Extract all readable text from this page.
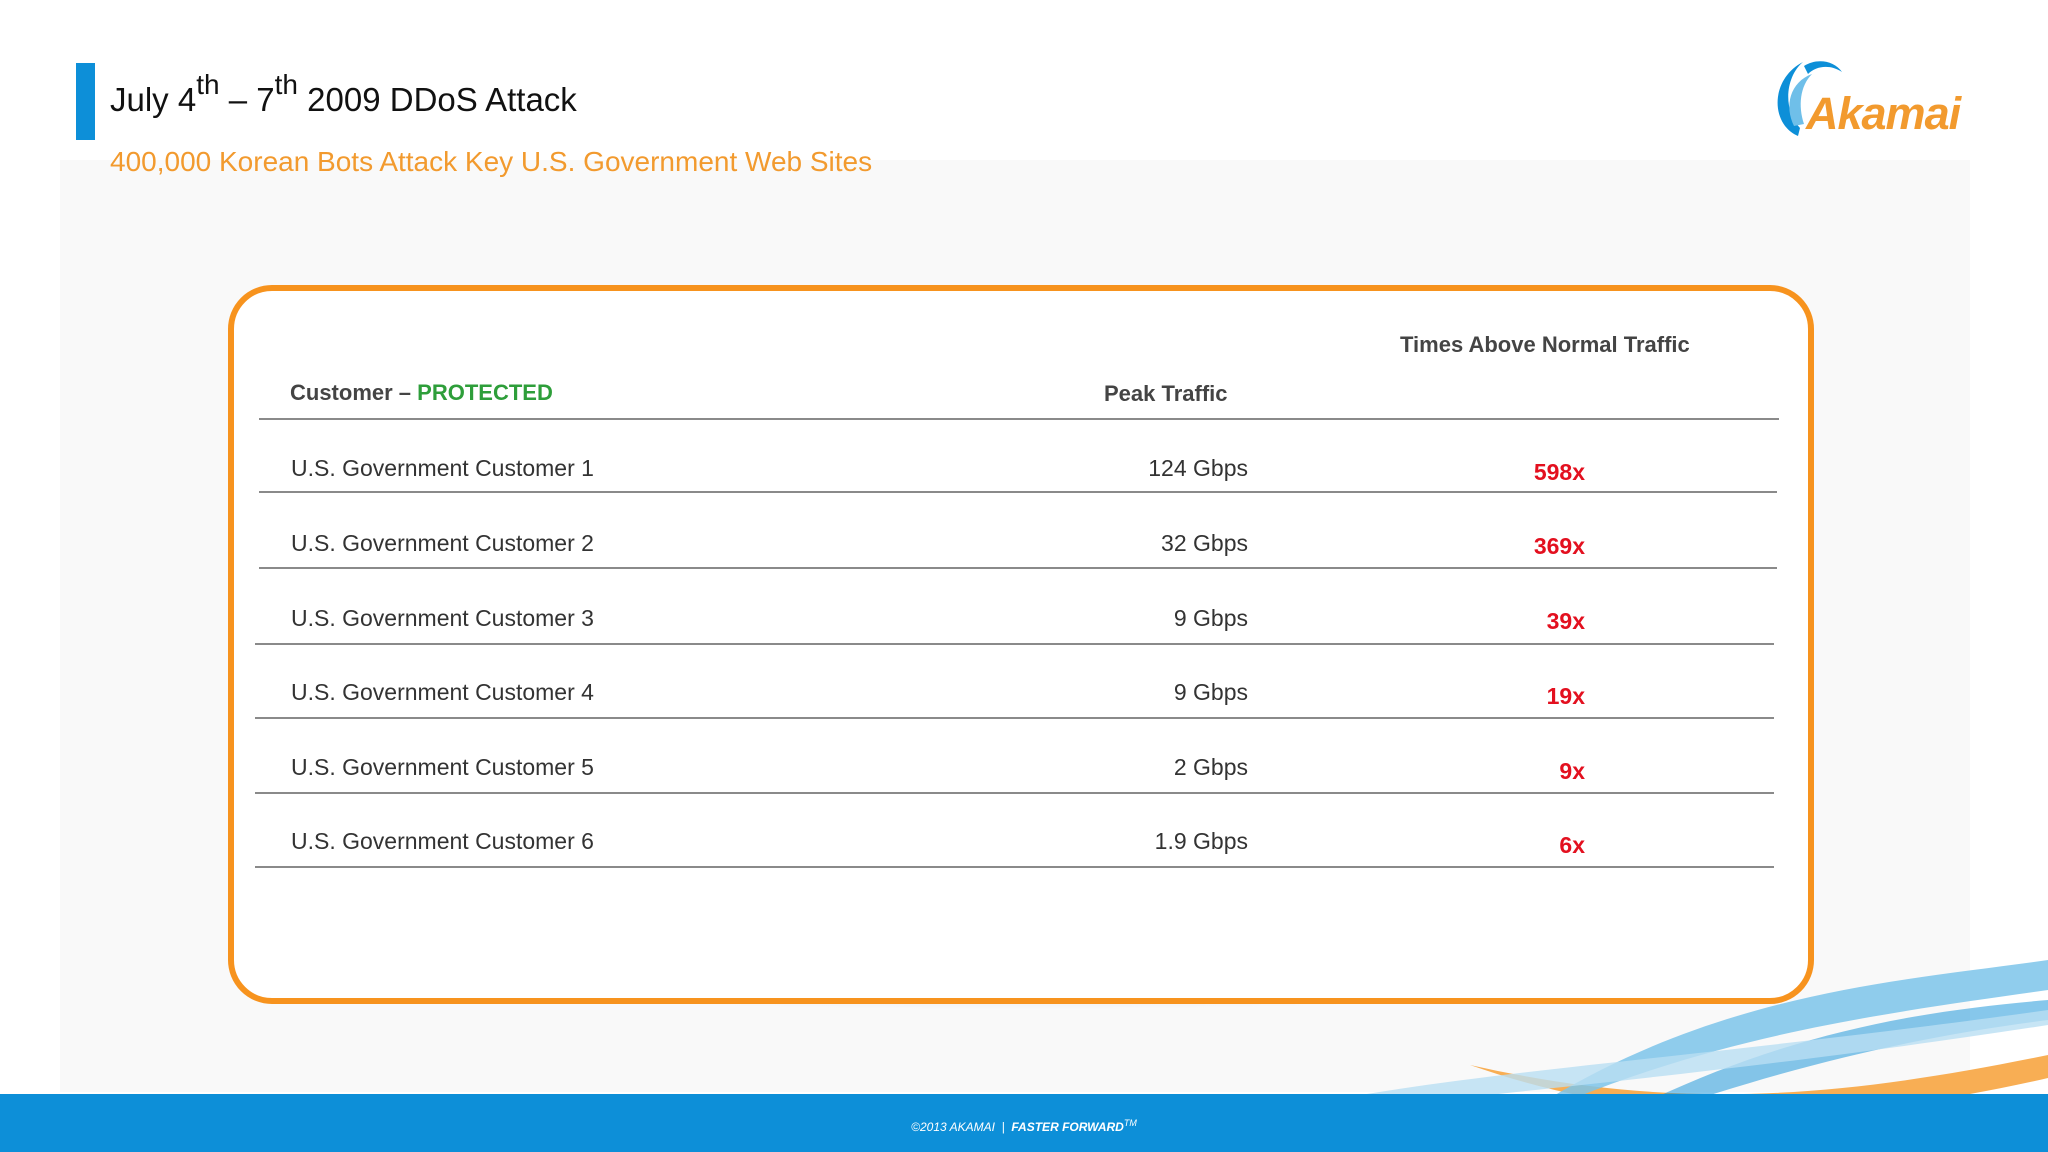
July 4th – 7th 2009 DDoS Attack
400,000 Korean Bots Attack Key U.S. Government Web Sites
Akamai
Times Above Normal Traffic
Customer – PROTECTED	Peak Traffic
U.S. Government Customer 1	124 Gbps	598x
U.S. Government Customer 2	32 Gbps	369x
U.S. Government Customer 3	9 Gbps	39x
U.S. Government Customer 4	9 Gbps	19x
U.S. Government Customer 5	2 Gbps	9x
U.S. Government Customer 6	1.9 Gbps	6x
©2013 AKAMAI | FASTER FORWARD™
